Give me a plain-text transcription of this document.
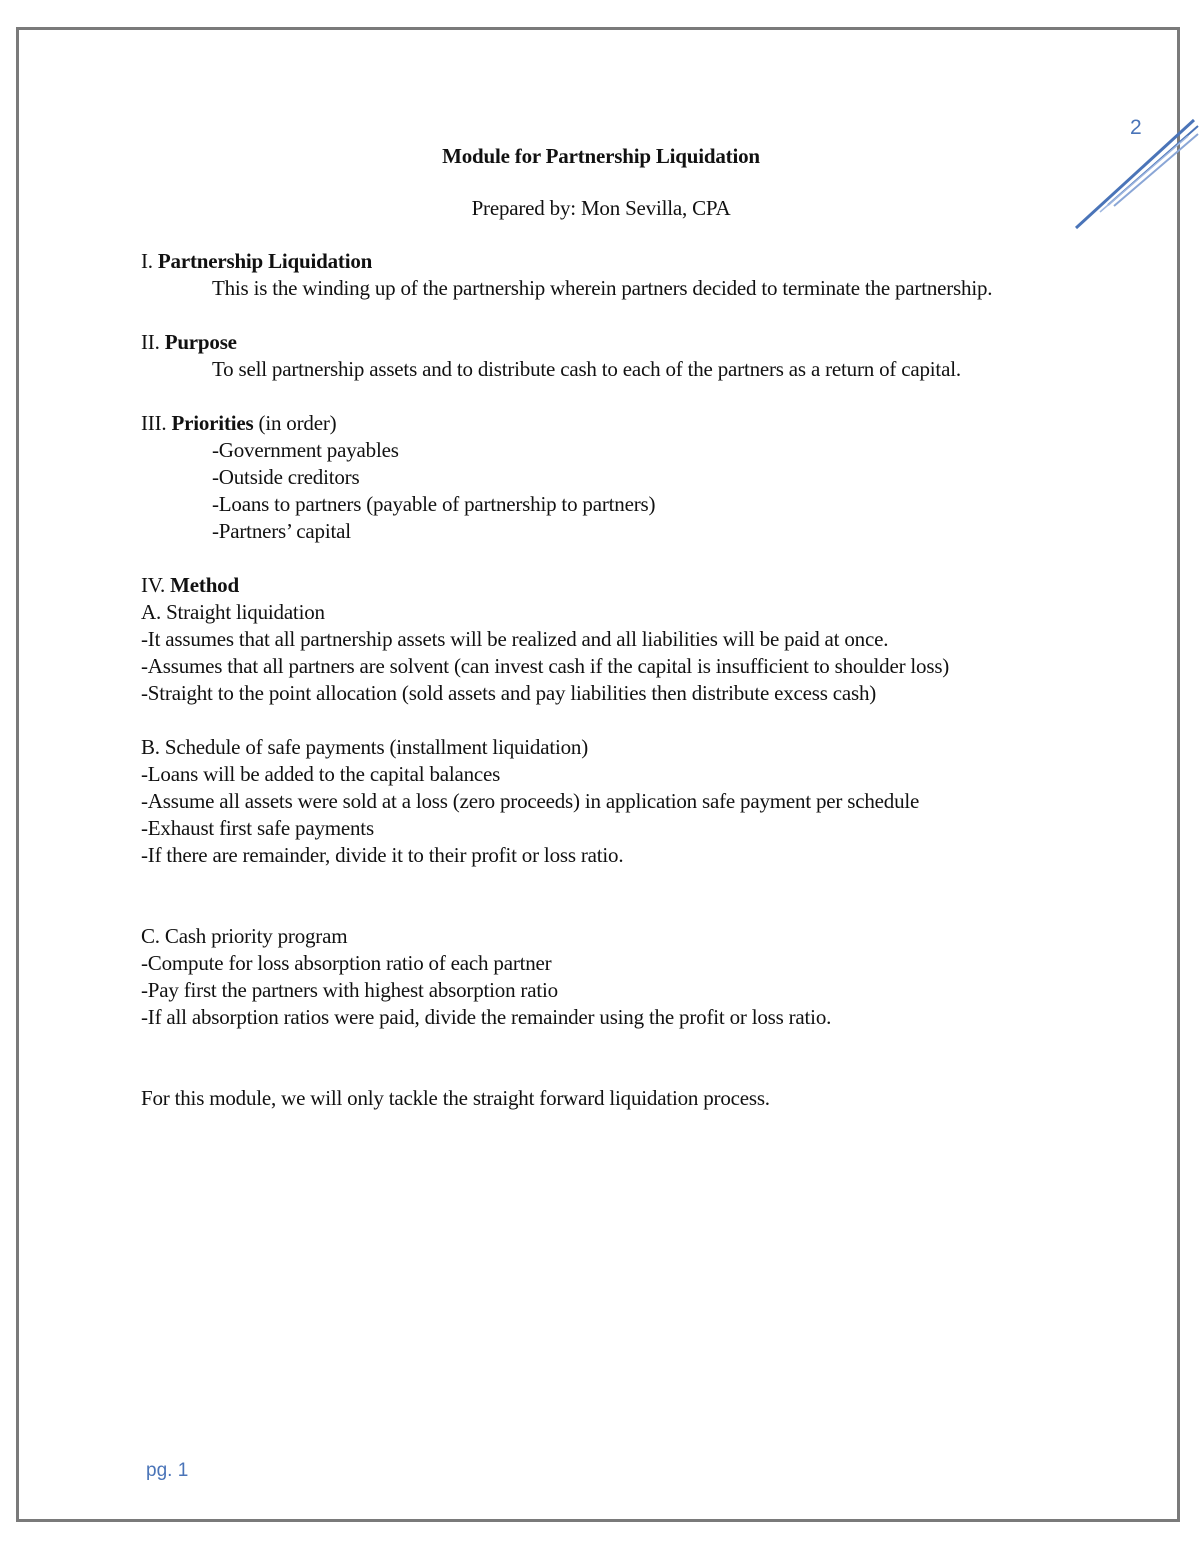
2

Module for Partnership Liquidation

Prepared by: Mon Sevilla, CPA

I. Partnership Liquidation

This is the winding up of the partnership wherein partners decided to terminate the partnership.

II. Purpose

To sell partnership assets and to distribute cash to each of the partners as a return of capital.

III. Priorities (in order)

-Government payables

-Outside creditors

-Loans to partners (payable of partnership to partners)

-Partners’ capital

IV. Method

A. Straight liquidation

-It assumes that all partnership assets will be realized and all liabilities will be paid at once.

-Assumes that all partners are solvent (can invest cash if the capital is insufficient to shoulder loss)

-Straight to the point allocation (sold assets and pay liabilities then distribute excess cash)

B. Schedule of safe payments (installment liquidation)

-Loans will be added to the capital balances

-Assume all assets were sold at a loss (zero proceeds) in application safe payment per schedule

-Exhaust first safe payments

-If there are remainder, divide it to their profit or loss ratio.

C. Cash priority program

-Compute for loss absorption ratio of each partner

-Pay first the partners with highest absorption ratio

-If all absorption ratios were paid, divide the remainder using the profit or loss ratio.

For this module, we will only tackle the straight forward liquidation process.

pg. 1
